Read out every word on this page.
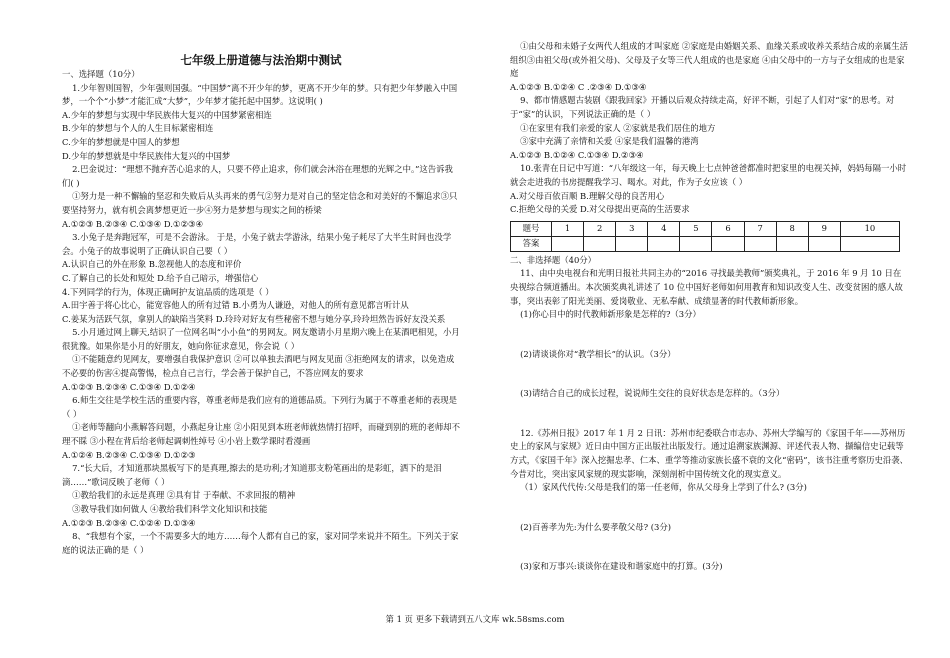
七年级上册道德与法治期中测试

一、选择题（10分）

1.少年智则国智，少年强则国强。“中国梦”离不开少年的梦，更离不开少年的梦。只有把少年梦融入中国梦，一个个“小梦”才能汇成“大梦”，少年梦才能托起中国梦。这说明( )

A.少年的梦想与实现中华民族伟大复兴的中国梦紧密相连

B.少年的梦想与个人的人生目标紧密相连

C.少年的梦想就是中国人的梦想

D.少年的梦想就是中华民族伟大复兴的中国梦

2.巴金说过：“理想不抛弃苦心追求的人，只要不停止追求，你们就会沐浴在理想的光辉之中。”这告诉我们( )

①努力是一种不懈输的坚忍和失败后从头再来的勇气②努力是对自己的坚定信念和对美好的不懈追求③只要坚持努力，就有机会离梦想更近一步④努力是梦想与现实之间的桥梁

A.①②③ B.②③④ C.①③④ D.①②③④

3.小兔子是奔跑冠军，可是不会游泳。 于是，小兔子就去学游泳，结果小兔子耗尽了大半生时间也没学会。小兔子的故事说明了正确认识自己要（ ）

A.认识自己的外在形象 B.忽视他人的态度和评价

C.了解自己的长处和短处 D.给予自己暗示，增强信心

4.下列同学的行为，体现正确呵护友谊品质的选项是（ ）

A.田宇善于将心比心，能宽容他人的所有过错 B.小勇为人谦逊，对他人的所有意见都言听计从

C.姜某为活跃气氛，拿别人的缺陷当笑料 D.玲玲对好友有些秘密不想与她分享,玲玲坦然告诉好友没关系

5.小月通过网上聊天,结识了一位网名叫“小小鱼”的男网友。网友邀请小月星期六晚上在某酒吧相见，小月很犹豫。如果你是小月的好朋友，她向你征求意见，你会说（ ）

①不能随意约见网友，要增强自我保护意识 ②可以单独去酒吧与网友见面 ③拒绝网友的请求，以免造成不必要的伤害④提高警惕，检点自己言行，学会善于保护自己，不答应网友的要求

A.①②③ B.②③④ C.①③④ D.①②④

6.师生交往是学校生活的重要内容，尊重老师是我们应有的道德品质。下列行为属于不尊重老师的表现是（ ）

①老师等翻向小燕解答问题，小燕起身让座 ②小阳见到本班老师就热情打招呼，而碰到别的班的老师却不理不睬 ③小程在背后给老师起调刺性绰号 ④小岩上数学课时看漫画

A.①②④ B.②③④ C.①③④ D.①②③

7.“长大后，才知道那块黑板写下的是真理,擦去的是功利;才知道那支粉笔画出的是彩虹，洒下的是泪滴……”歌词反映了老师（ ）

①教给我们的永远是真理 ②具有甘 于奉献、不求回报的精神

③教导我们如何做人 ④教给我们科学文化知识和技能

A.①②③ B.②③④ C.①②④ D.①③④

8、“我想有个家，一个不需要多大的地方……每个人都有自己的家，家对同学来说并不陌生。下列关于家庭的说法正确的是（ ）

①由父母和未婚子女两代人组成的才叫家庭 ②家庭是由婚姻关系、血缘关系或收养关系结合成的亲属生活组织③由祖父母(或外祖父母)、父母及子女等三代人组成的也是家庭 ④由父母中的一方与子女组成的也是家庭

A.①②③ B.①②④ C .②③④ D.①③④

9、都市情感题古装剧《跟我回家》开播以后观众持续走高，好评不断，引起了人们对“家”的思考。对于“家”的认识，下列说法正确的是（ ）

①在家里有我们亲爱的家人 ②家就是我们居住的地方

③家中充满了亲情和关爱 ④家是我们温馨的港湾

A.①②③ B.①②④ C.①③④ D.②③④

10.张青在日记中写道：“八年级这一年，每天晚上七点钟爸爸都准时把家里的电视关掉，妈妈每隔一小时就会走进我的书房提醒我学习、喝水。对此，作为子女应该（ ）

A.对父母百依百顺 B.理解父母的良苦用心

C.拒绝父母的关爱 D.对父母提出更高的生活要求

题号	1	2	3	4	5	6	7	8	9	10
答案										

二、非选择题（40分）

11、由中央电视台和光明日报社共同主办的“2016 寻找最美教师”颁奖典礼，于 2016 年 9 月 10 日在央视综合频道播出。本次颁奖典礼讲述了 10 位中国好老师如何用教育和知识改变人生、改变贫困的感人故事，突出表彰了阳光美丽、爱岗敬业、无私奉献、成绩显著的时代教师新形象。

(1)你心目中的时代教师新形象是怎样的?（3分）

(2)请谈谈你对“教学相长”的认识。（3分）

(3)请结合自己的成长过程，说说师生交往的良好状态是怎样的。（3分）

12.《苏州日报》2017 年 1 月 2 日讯：苏州市纪委联合市志办、苏州大学编写的《家国千年——苏州历史上的家风与家规》近日由中国方正出版社出版发行。通过追溯家族渊源、评述代表人物、撷编信史记载等方式，《家国千年》深入挖掘忠孝、仁本、重学等推动家族长盛不衰的文化“密码”，该书注重考察历史沿袭、今昔对比，突出家风家规的现实影响，深刻剖析中国传统文化的现实意义。

（1）家风代代传:父母是我们的第一任老师，你从父母身上学到了什么? (3分)

(2)百善孝为先:为什么要孝敬父母? (3分)

(3)家和万事兴:谈谈你在建设和谐家庭中的打算。(3分)

第 1 页 更多下载请到五八文库 wk.58sms.com
